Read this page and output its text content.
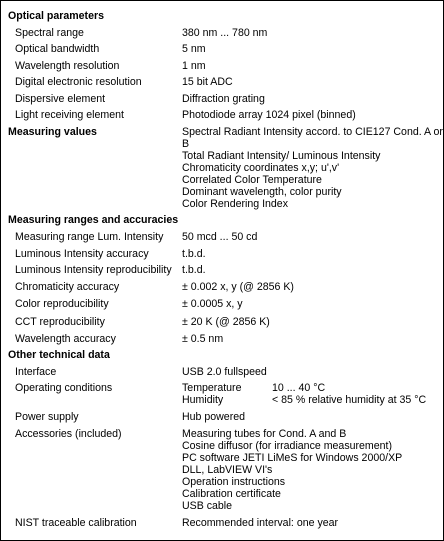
Optical parameters
Spectral range	380 nm ... 780 nm
Optical bandwidth	5 nm
Wavelength resolution	1 nm
Digital electronic resolution	15 bit ADC
Dispersive element	Diffraction grating
Light receiving element	Photodiode array 1024 pixel (binned)
Measuring values	Spectral Radiant Intensity accord. to CIE127 Cond. A or B
Total Radiant Intensity/ Luminous Intensity
Chromaticity coordinates x,y; u',v'
Correlated Color Temperature
Dominant wavelength, color purity
Color Rendering Index
Measuring ranges and accuracies
Measuring range Lum. Intensity 50 mcd ... 50 cd
Luminous Intensity accuracy	t.b.d.
Luminous Intensity reproducibility t.b.d.
Chromaticity accuracy	± 0.002 x, y (@ 2856 K)
Color reproducibility	± 0.0005 x, y
CCT reproducibility	± 20 K (@ 2856 K)
Wavelength accuracy	± 0.5 nm
Other technical data
Interface	USB 2.0 fullspeed
Operating conditions	Temperature	10 ... 40 °C
Humidity	< 85 % relative humidity at 35 °C
Power supply	Hub powered
Accessories (included)	Measuring tubes for Cond. A and B
Cosine diffusor (for irradiance measurement)
PC software JETI LiMeS for Windows 2000/XP
DLL, LabVIEW VI's
Operation instructions
Calibration certificate
USB cable
NIST traceable calibration	Recommended interval: one year
